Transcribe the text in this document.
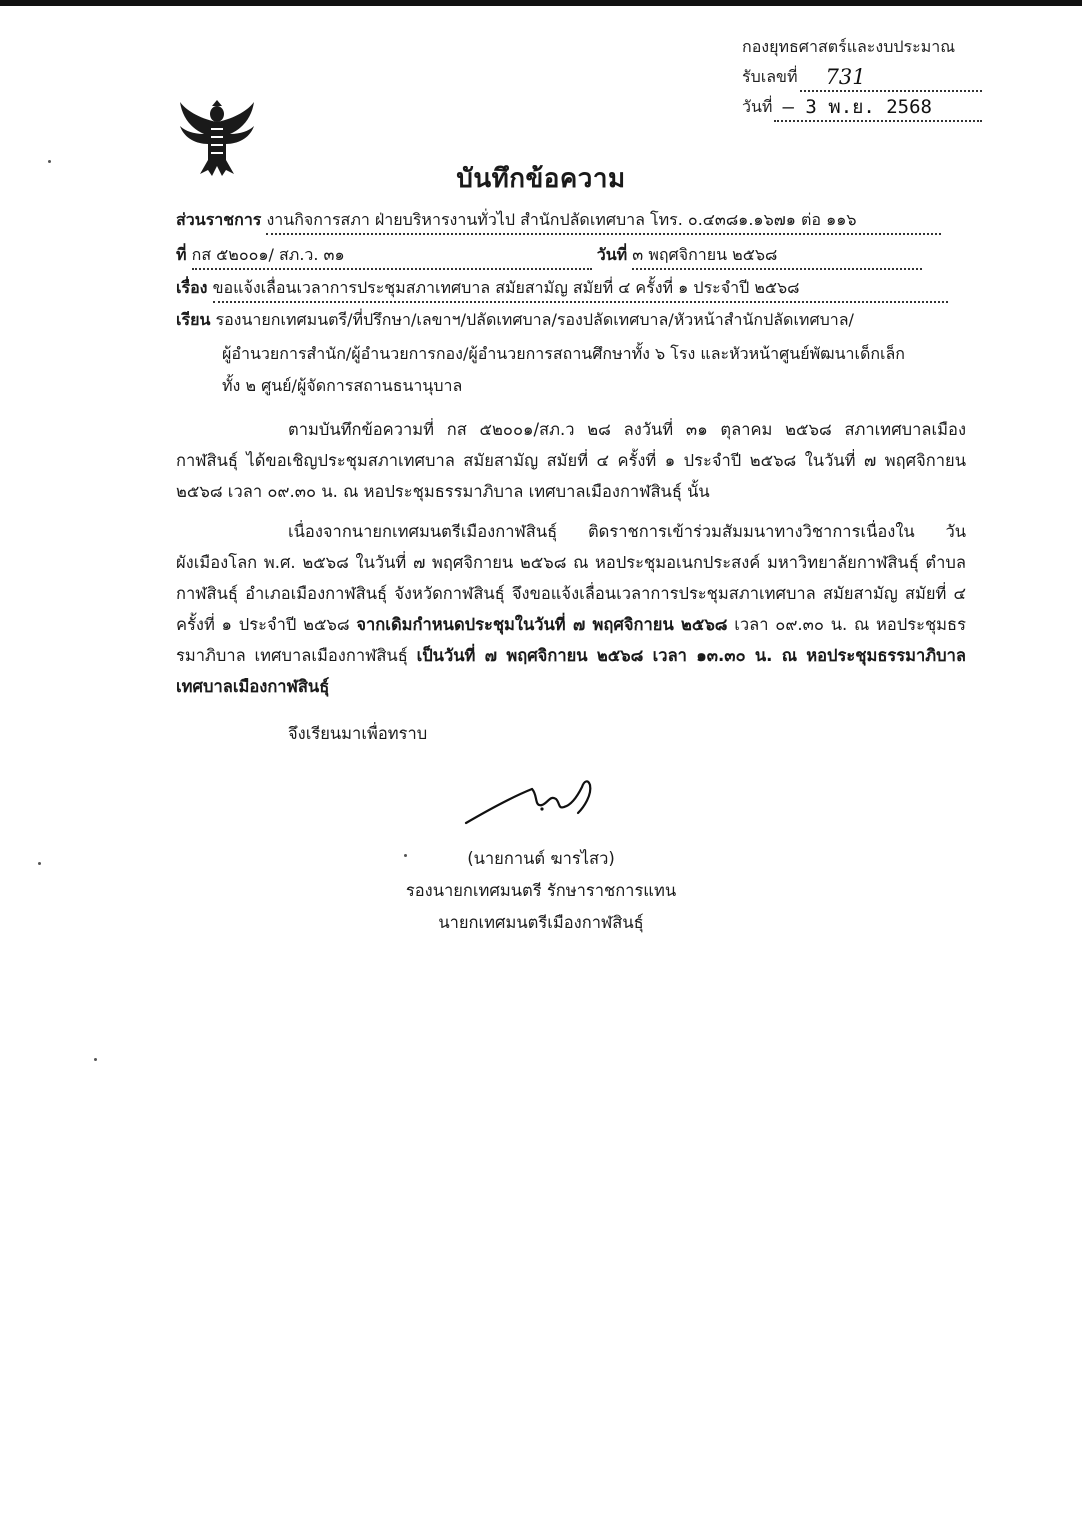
กองยุทธศาสตร์และงบประมาณ
รับเลขที่ 731
วันที่ – 3 พ.ย. 2568
บันทึกข้อความ
ส่วนราชการ งานกิจการสภา ฝ่ายบริหารงานทั่วไป สำนักปลัดเทศบาล โทร. ๐.๔๓๘๑.๑๖๗๑ ต่อ ๑๑๖
ที่ กส ๕๒๐๐๑/ สภ.ว. ๓๑	วันที่ ๓ พฤศจิกายน ๒๕๖๘
เรื่อง ขอแจ้งเลื่อนเวลาการประชุมสภาเทศบาล สมัยสามัญ สมัยที่ ๔ ครั้งที่ ๑ ประจำปี ๒๕๖๘
เรียน รองนายกเทศมนตรี/ที่ปรึกษา/เลขาฯ/ปลัดเทศบาล/รองปลัดเทศบาล/หัวหน้าสำนักปลัดเทศบาล/
ผู้อำนวยการสำนัก/ผู้อำนวยการกอง/ผู้อำนวยการสถานศึกษาทั้ง ๖ โรง และหัวหน้าศูนย์พัฒนาเด็กเล็ก
ทั้ง ๒ ศูนย์/ผู้จัดการสถานธนานุบาล
ตามบันทึกข้อความที่ กส ๕๒๐๐๑/สภ.ว ๒๘ ลงวันที่ ๓๑ ตุลาคม ๒๕๖๘ สภาเทศบาลเมืองกาฬสินธุ์ ได้ขอเชิญประชุมสภาเทศบาล สมัยสามัญ สมัยที่ ๔ ครั้งที่ ๑ ประจำปี ๒๕๖๘ ในวันที่ ๗ พฤศจิกายน ๒๕๖๘ เวลา ๐๙.๓๐ น. ณ หอประชุมธรรมาภิบาล เทศบาลเมืองกาฬสินธุ์ นั้น
เนื่องจากนายกเทศมนตรีเมืองกาฬสินธุ์ ติดราชการเข้าร่วมสัมมนาทางวิชาการเนื่องใน วันผังเมืองโลก พ.ศ. ๒๕๖๘ ในวันที่ ๗ พฤศจิกายน ๒๕๖๘ ณ หอประชุมอเนกประสงค์ มหาวิทยาลัยกาฬสินธุ์ ตำบลกาฬสินธุ์ อำเภอเมืองกาฬสินธุ์ จังหวัดกาฬสินธุ์ จึงขอแจ้งเลื่อนเวลาการประชุมสภาเทศบาล สมัยสามัญ สมัยที่ ๔ ครั้งที่ ๑ ประจำปี ๒๕๖๘ จากเดิมกำหนดประชุมในวันที่ ๗ พฤศจิกายน ๒๕๖๘ เวลา ๐๙.๓๐ น. ณ หอประชุมธรรมาภิบาล เทศบาลเมืองกาฬสินธุ์ เป็นวันที่ ๗ พฤศจิกายน ๒๕๖๘ เวลา ๑๓.๓๐ น. ณ หอประชุมธรรมาภิบาล เทศบาลเมืองกาฬสินธุ์
จึงเรียนมาเพื่อทราบ
(นายกานต์ ฆารไสว)
รองนายกเทศมนตรี รักษาราชการแทน
นายกเทศมนตรีเมืองกาฬสินธุ์
